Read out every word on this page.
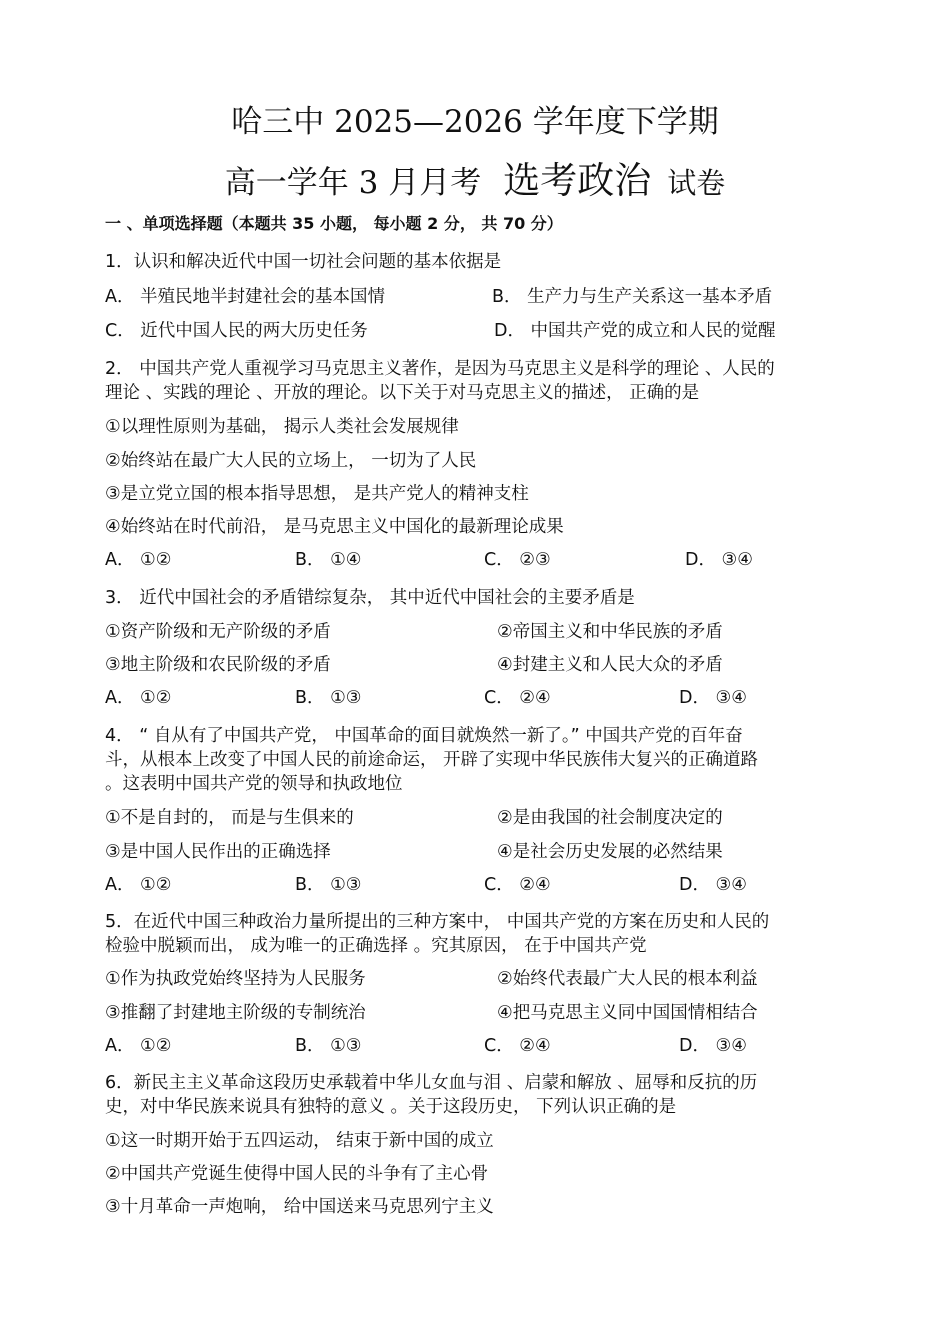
哈三中 2025—2026 学年度下学期
高一学年 3 月月考 选考政治 试卷
一 、单项选择题（本题共 35 小题， 每小题 2 分， 共 70 分）
1．认识和解决近代中国一切社会问题的基本依据是
A． 半殖民地半封建社会的基本国情	B． 生产力与生产关系这一基本矛盾
C． 近代中国人民的两大历史任务	D． 中国共产党的成立和人民的觉醒
2． 中国共产党人重视学习马克思主义著作，是因为马克思主义是科学的理论 、人民的
理论 、实践的理论 、开放的理论。以下关于对马克思主义的描述， 正确的是
①以理性原则为基础， 揭示人类社会发展规律
②始终站在最广大人民的立场上， 一切为了人民
③是立党立国的根本指导思想， 是共产党人的精神支柱
④始终站在时代前沿， 是马克思主义中国化的最新理论成果
A． ①②	B． ①④	C． ②③	D． ③④
3． 近代中国社会的矛盾错综复杂， 其中近代中国社会的主要矛盾是
①资产阶级和无产阶级的矛盾	②帝国主义和中华民族的矛盾
③地主阶级和农民阶级的矛盾	④封建主义和人民大众的矛盾
A． ①②	B． ①③	C． ②④	D． ③④
4． “ 自从有了中国共产党， 中国革命的面目就焕然一新了。” 中国共产党的百年奋
斗，从根本上改变了中国人民的前途命运， 开辟了实现中华民族伟大复兴的正确道路
。这表明中国共产党的领导和执政地位
①不是自封的， 而是与生俱来的	②是由我国的社会制度决定的
③是中国人民作出的正确选择	④是社会历史发展的必然结果
A． ①②	B． ①③	C． ②④	D． ③④
5．在近代中国三种政治力量所提出的三种方案中， 中国共产党的方案在历史和人民的
检验中脱颖而出， 成为唯一的正确选择 。究其原因， 在于中国共产党
①作为执政党始终坚持为人民服务	②始终代表最广大人民的根本利益
③推翻了封建地主阶级的专制统治	④把马克思主义同中国国情相结合
A． ①②	B． ①③	C． ②④	D． ③④
6．新民主主义革命这段历史承载着中华儿女血与泪 、启蒙和解放 、屈辱和反抗的历
史，对中华民族来说具有独特的意义 。关于这段历史， 下列认识正确的是
①这一时期开始于五四运动， 结束于新中国的成立
②中国共产党诞生使得中国人民的斗争有了主心骨
③十月革命一声炮响， 给中国送来马克思列宁主义
